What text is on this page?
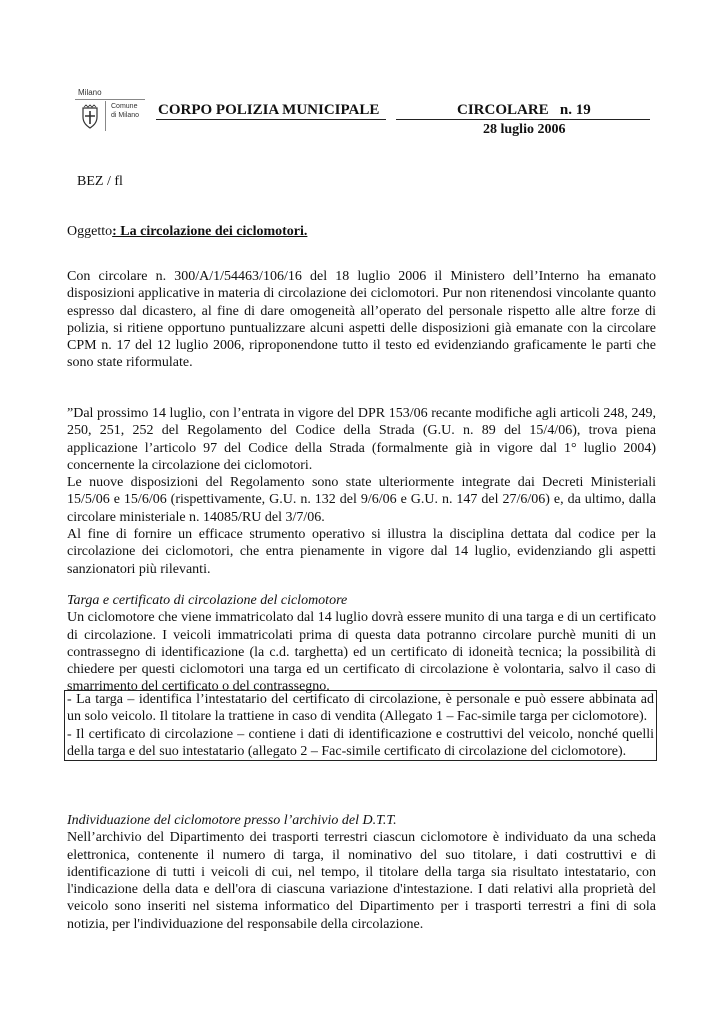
Milano
Comune
di Milano CORPO POLIZIA MUNICIPALE	CIRCOLARE   n. 19
28 luglio 2006
BEZ / fl
Oggetto: La circolazione dei ciclomotori.

Con circolare n. 300/A/1/54463/106/16 del 18 luglio 2006 il Ministero dell’Interno ha emanato disposizioni applicative in materia di circolazione dei ciclomotori. Pur non ritenendosi vincolante quanto espresso dal dicastero, al fine di dare omogeneità all’operato del personale rispetto alle altre forze di polizia, si ritiene opportuno puntualizzare alcuni aspetti delle disposizioni già emanate con la circolare CPM n. 17 del 12 luglio 2006, riproponendone tutto il testo ed evidenziando graficamente le parti che sono state riformulate.

”Dal prossimo 14 luglio, con l’entrata in vigore del DPR 153/06 recante modifiche agli articoli 248, 249, 250, 251, 252 del Regolamento del Codice della Strada (G.U. n. 89 del 15/4/06), trova piena applicazione l’articolo 97 del Codice della Strada (formalmente già in vigore dal 1° luglio 2004) concernente la circolazione dei ciclomotori.

Le nuove disposizioni del Regolamento sono state ulteriormente integrate dai Decreti Ministeriali 15/5/06 e 15/6/06 (rispettivamente, G.U. n. 132 del 9/6/06 e G.U. n. 147 del 27/6/06) e, da ultimo, dalla circolare ministeriale n. 14085/RU del 3/7/06.

Al fine di fornire un efficace strumento operativo si illustra la disciplina dettata dal codice per la circolazione dei ciclomotori, che entra pienamente in vigore dal 14 luglio, evidenziando gli aspetti sanzionatori più rilevanti.

Targa e certificato di circolazione del ciclomotore

Un ciclomotore che viene immatricolato dal 14 luglio dovrà essere munito di una targa e di un certificato di circolazione. I veicoli immatricolati prima di questa data potranno circolare purchè muniti di un contrassegno di identificazione (la c.d. targhetta) ed un certificato di idoneità tecnica; la possibilità di chiedere per questi ciclomotori una targa ed un certificato di circolazione è volontaria, salvo il caso di smarrimento del certificato o del contrassegno.

- La targa – identifica l’intestatario del certificato di circolazione, è personale e può essere abbinata ad un solo veicolo. Il titolare la trattiene in caso di vendita (Allegato 1 – Fac-simile targa per ciclomotore).

- Il certificato di circolazione – contiene i dati di identificazione e costruttivi del veicolo, nonché quelli della targa e del suo intestatario (allegato 2 – Fac-simile certificato di circolazione del ciclomotore).

Individuazione del ciclomotore presso l’archivio del D.T.T.

Nell’archivio del Dipartimento dei trasporti terrestri ciascun ciclomotore è individuato da una scheda elettronica, contenente il numero di targa, il nominativo del suo titolare, i dati costruttivi e di identificazione di tutti i veicoli di cui, nel tempo, il titolare della targa sia risultato intestatario, con l'indicazione della data e dell'ora di ciascuna variazione d'intestazione. I dati relativi alla proprietà del veicolo sono inseriti nel sistema informatico del Dipartimento per i trasporti terrestri a fini di sola notizia, per l'individuazione del responsabile della circolazione.
